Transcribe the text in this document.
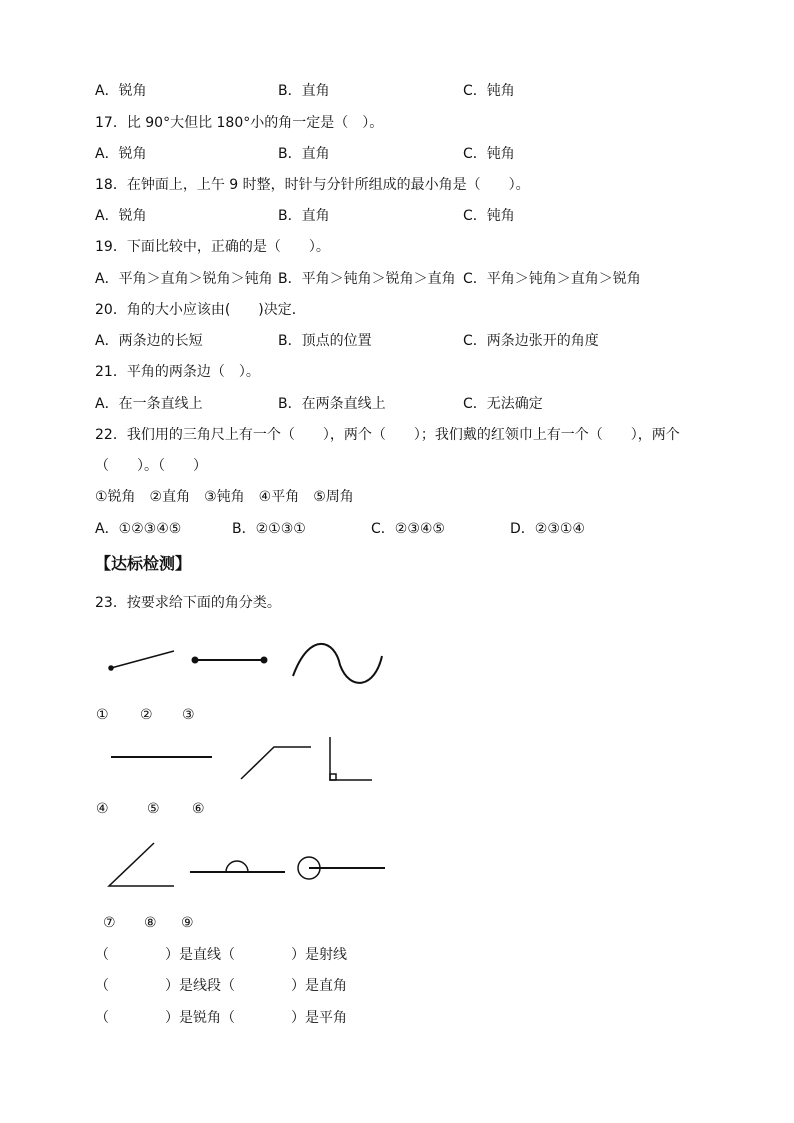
A．锐角	B．直角	C．钝角
17．比 90°大但比 180°小的角一定是（　）。
A．锐角	B．直角	C．钝角
18．在钟面上，上午 9 时整，时针与分针所组成的最小角是（　　）。
A．锐角	B．直角	C．钝角
19．下面比较中，正确的是（　　）。
A．平角＞直角＞锐角＞钝角 B．平角＞钝角＞锐角＞直角 C．平角＞钝角＞直角＞锐角
20．角的大小应该由(　　)决定．
A．两条边的长短	B．顶点的位置	C．两条边张开的角度
21．平角的两条边（　）。
A．在一条直线上	B．在两条直线上	C．无法确定
22．我们用的三角尺上有一个（　　），两个（　　）；我们戴的红领巾上有一个（　　），两个
（　　）。（　　）
①锐角　②直角　③钝角　④平角　⑤周角
A．①②③④⑤	B．②①③①	C．②③④⑤	D．②③①④
【达标检测】
23．按要求给下面的角分类。
① ② ③
④	⑤ ⑥
⑦ ⑧ ⑨
（　　　　）是直线（　　　　）是射线
（　　　　）是线段（　　　　）是直角
（　　　　）是锐角（　　　　）是平角
